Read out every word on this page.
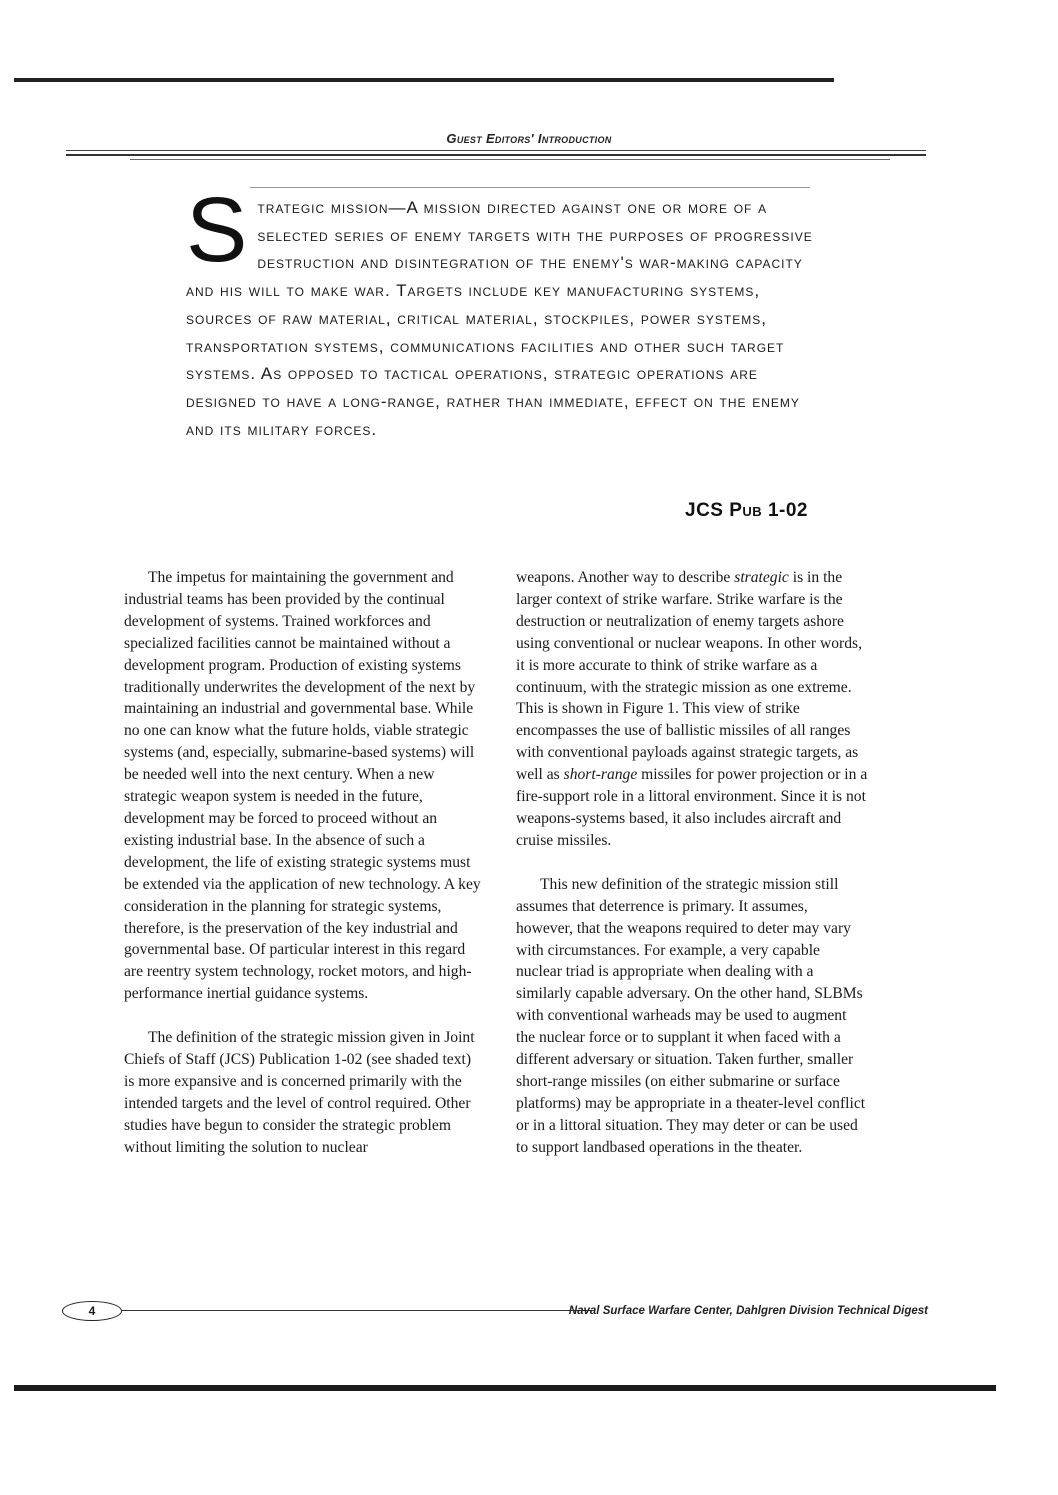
Guest Editors' Introduction
S trategic mission—A mission directed against one or more of a selected series of enemy targets with the purposes of progressive destruction and disintegration of the enemy's war-making capacity and his will to make war. Targets include key manufacturing systems, sources of raw material, critical material, stockpiles, power systems, transportation systems, communications facilities and other such target systems. As opposed to tactical operations, strategic operations are designed to have a long-range, rather than immediate, effect on the enemy and its military forces.

JCS Pub 1-02

The impetus for maintaining the government and industrial teams has been provided by the continual development of systems. Trained workforces and specialized facilities cannot be maintained without a development program. Production of existing systems traditionally underwrites the development of the next by maintaining an industrial and governmental base. While no one can know what the future holds, viable strategic systems (and, especially, submarine-based systems) will be needed well into the next century. When a new strategic weapon system is needed in the future, development may be forced to proceed without an existing industrial base. In the absence of such a development, the life of existing strategic systems must be extended via the application of new technology. A key consideration in the planning for strategic systems, therefore, is the preservation of the key industrial and governmental base. Of particular interest in this regard are reentry system technology, rocket motors, and high-performance inertial guidance systems.

The definition of the strategic mission given in Joint Chiefs of Staff (JCS) Publication 1-02 (see shaded text) is more expansive and is concerned primarily with the intended targets and the level of control required. Other studies have begun to consider the strategic problem without limiting the solution to nuclear

weapons. Another way to describe strategic is in the larger context of strike warfare. Strike warfare is the destruction or neutralization of enemy targets ashore using conventional or nuclear weapons. In other words, it is more accurate to think of strike warfare as a continuum, with the strategic mission as one extreme. This is shown in Figure 1. This view of strike encompasses the use of ballistic missiles of all ranges with conventional payloads against strategic targets, as well as short-range missiles for power projection or in a fire-support role in a littoral environment. Since it is not weapons-systems based, it also includes aircraft and cruise missiles.

This new definition of the strategic mission still assumes that deterrence is primary. It assumes, however, that the weapons required to deter may vary with circumstances. For example, a very capable nuclear triad is appropriate when dealing with a similarly capable adversary. On the other hand, SLBMs with conventional warheads may be used to augment the nuclear force or to supplant it when faced with a different adversary or situation. Taken further, smaller short-range missiles (on either submarine or surface platforms) may be appropriate in a theater-level conflict or in a littoral situation. They may deter or can be used to support landbased operations in the theater.

4	Naval Surface Warfare Center, Dahlgren Division Technical Digest
